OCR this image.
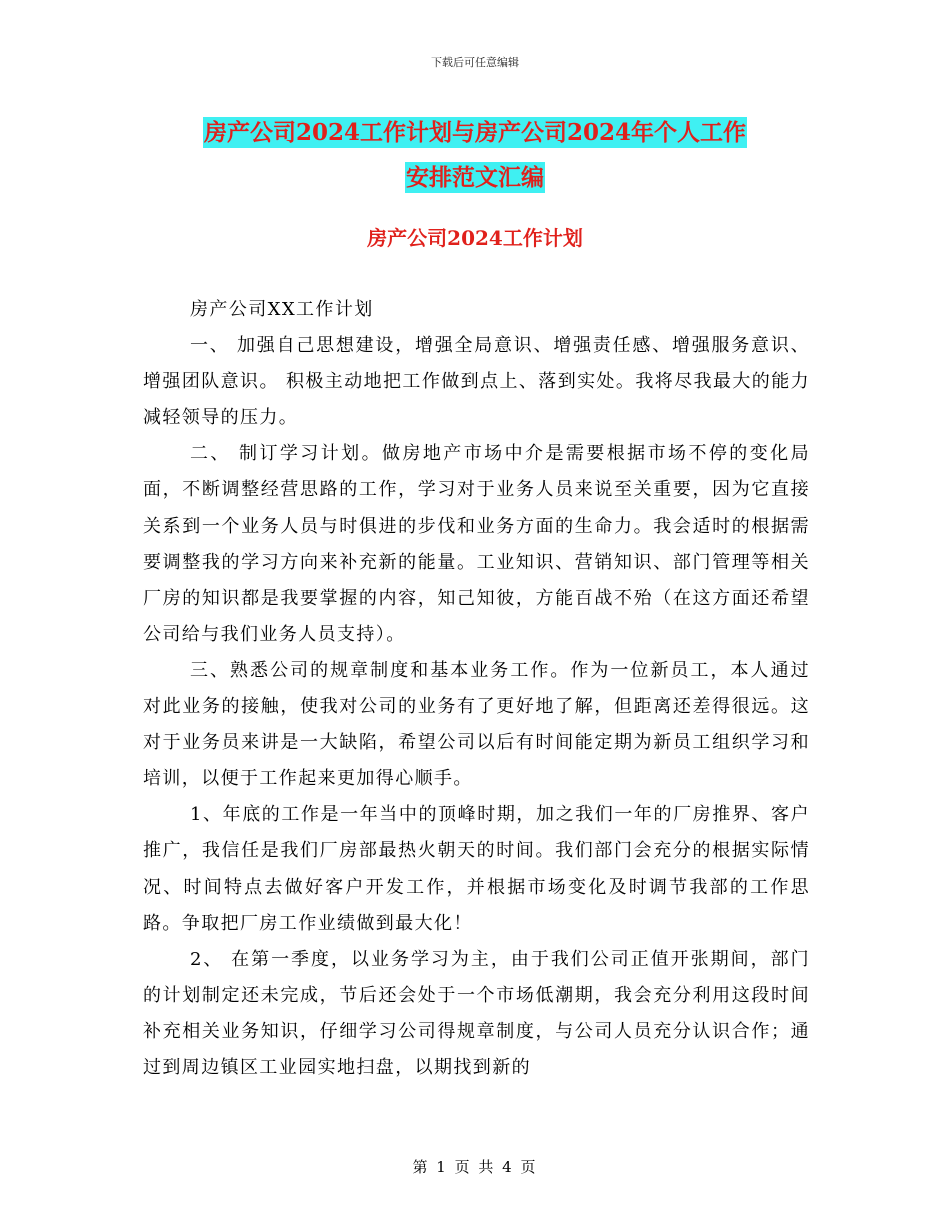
下载后可任意编辑
房产公司2024工作计划与房产公司2024年个人工作
安排范文汇编
房产公司2024工作计划

房产公司XX工作计划

一、 加强自己思想建设，增强全局意识、增强责任感、增强服务意识、增强团队意识。 积极主动地把工作做到点上、落到实处。我将尽我最大的能力减轻领导的压力。

二、 制订学习计划。做房地产市场中介是需要根据市场不停的变化局面，不断调整经营思路的工作，学习对于业务人员来说至关重要，因为它直接关系到一个业务人员与时俱进的步伐和业务方面的生命力。我会适时的根据需要调整我的学习方向来补充新的能量。工业知识、营销知识、部门管理等相关厂房的知识都是我要掌握的内容，知己知彼，方能百战不殆（在这方面还希望公司给与我们业务人员支持）。

三、熟悉公司的规章制度和基本业务工作。作为一位新员工，本人通过对此业务的接触，使我对公司的业务有了更好地了解，但距离还差得很远。这对于业务员来讲是一大缺陷，希望公司以后有时间能定期为新员工组织学习和培训，以便于工作起来更加得心顺手。

1、年底的工作是一年当中的顶峰时期，加之我们一年的厂房推界、客户推广，我信任是我们厂房部最热火朝天的时间。我们部门会充分的根据实际情况、时间特点去做好客户开发工作，并根据市场变化及时调节我部的工作思路。争取把厂房工作业绩做到最大化！

2、 在第一季度，以业务学习为主，由于我们公司正值开张期间，部门的计划制定还未完成，节后还会处于一个市场低潮期，我会充分利用这段时间补充相关业务知识，仔细学习公司得规章制度，与公司人员充分认识合作；通过到周边镇区工业园实地扫盘，以期找到新的

第 1 页 共 4 页
